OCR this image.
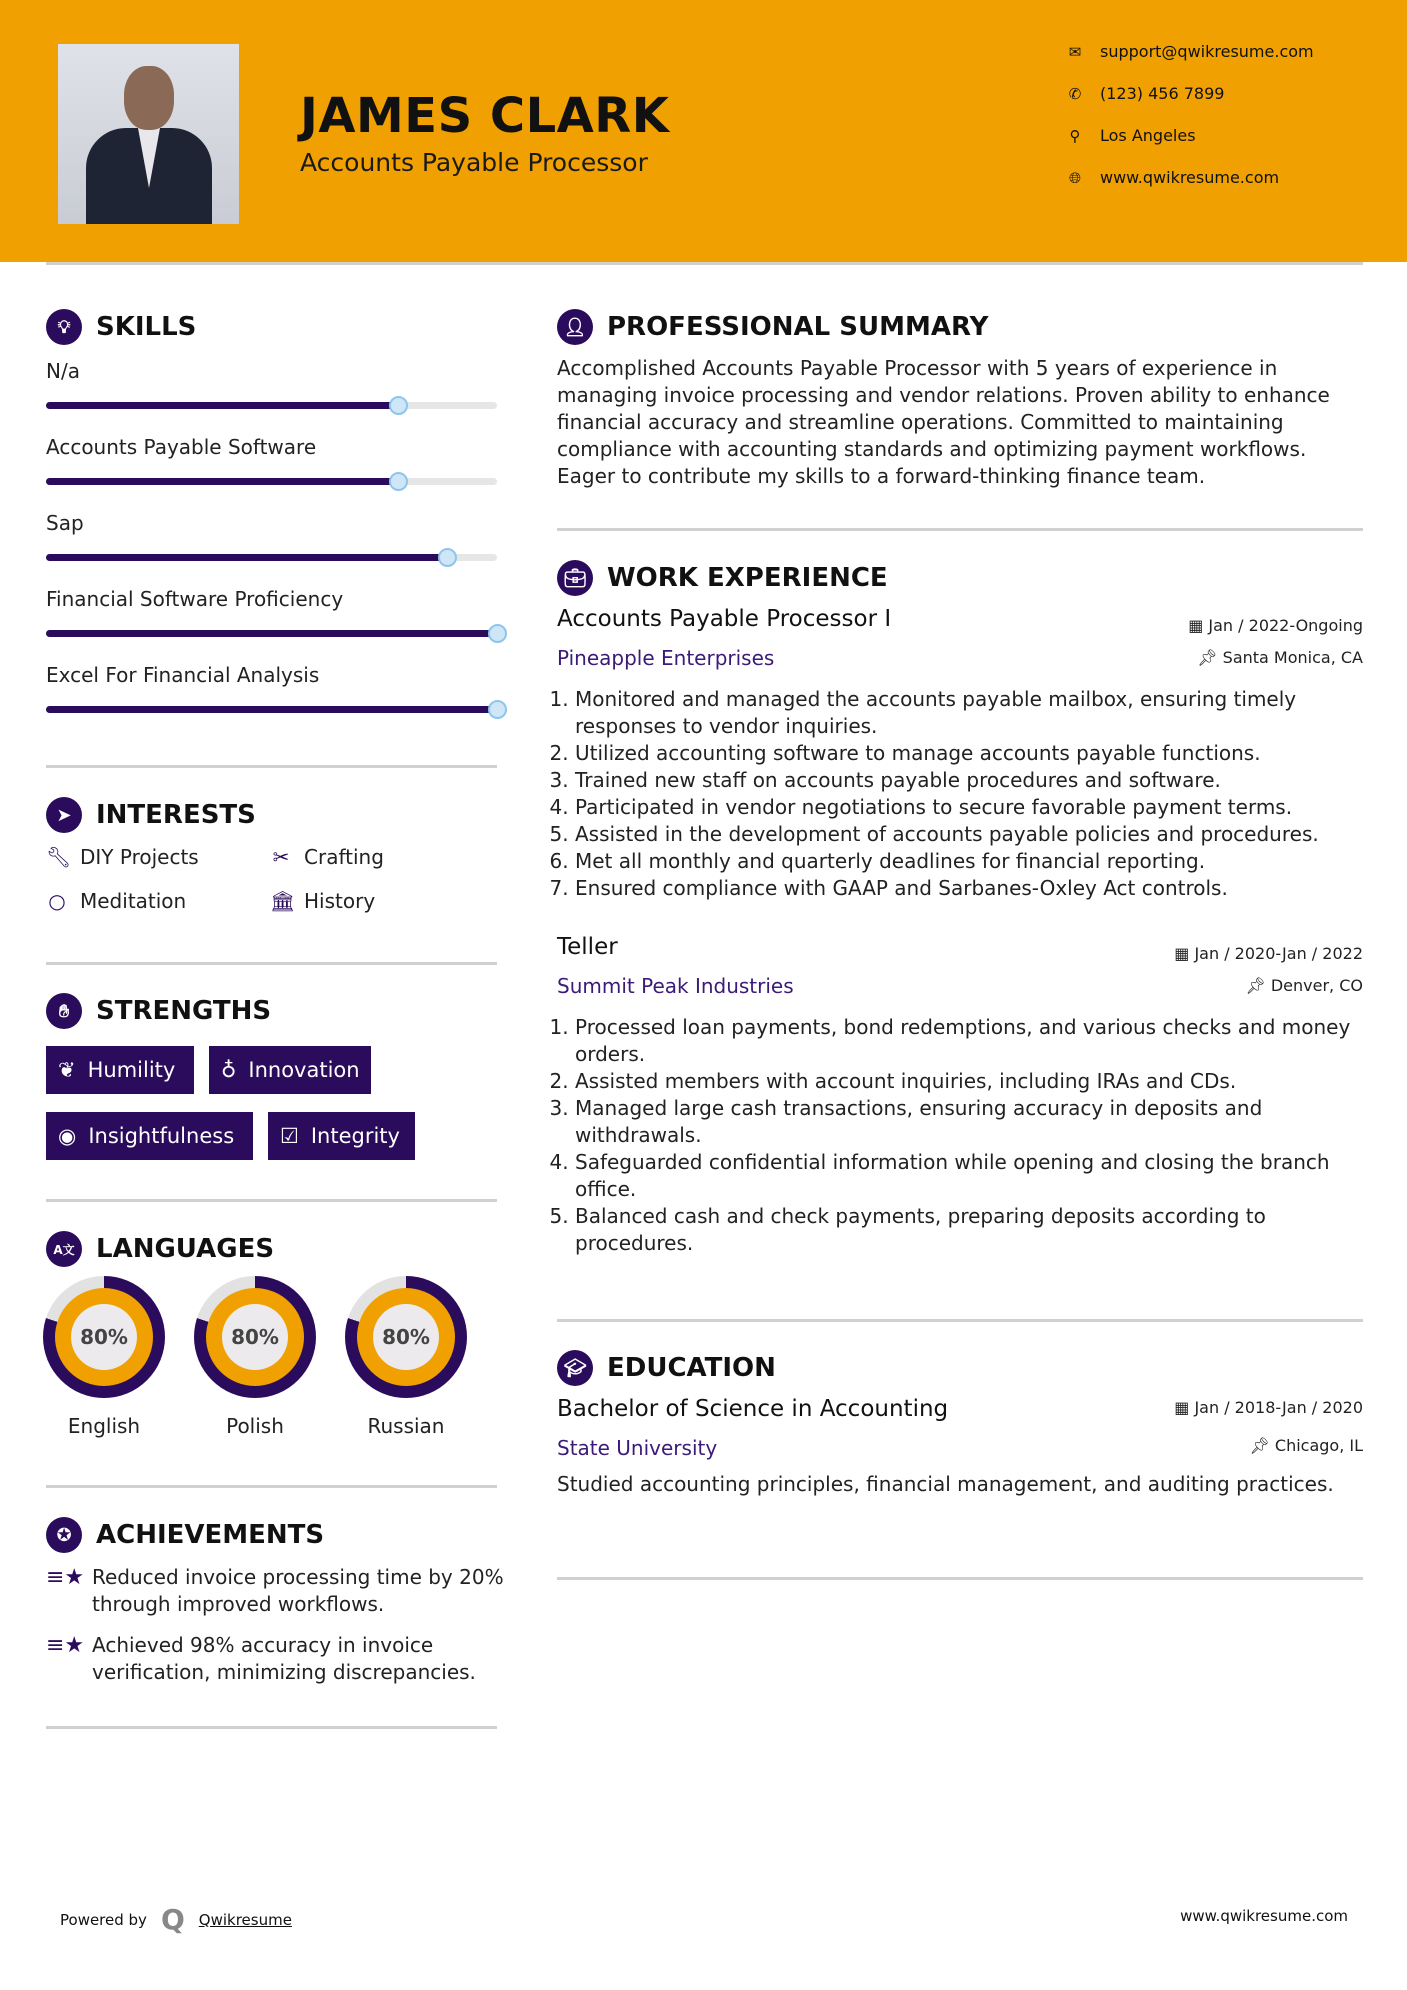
JAMES CLARK
Accounts Payable Processor
✉ support@qwikresume.com
✆ (123) 456 7899
⚲ Los Angeles
🌐︎ www.qwikresume.com
💡︎ SKILLS
N/a
Accounts Payable Software
Sap
Financial Software Proficiency
Excel For Financial Analysis
➤ INTERESTS
🔧︎ DIY Projects	✂ Crafting
○ Meditation	🏛︎ History
✋︎	STRENGTHS
❦ Humility ♁ Innovation
◉ Insightfulness ☑ Integrity
A文 LANGUAGES
80%
English
80%
Polish
80%
Russian
✪ ACHIEVEMENTS
≡★ Reduced invoice processing time by 20% through improved workflows.
≡★ Achieved 98% accuracy in invoice verification, minimizing discrepancies.
👤︎ PROFESSIONAL SUMMARY
Accomplished Accounts Payable Processor with 5 years of experience in managing invoice processing and vendor relations. Proven ability to enhance financial accuracy and streamline operations. Committed to maintaining compliance with accounting standards and optimizing payment workflows. Eager to contribute my skills to a forward-thinking finance team.
💼︎ WORK EXPERIENCE
Accounts Payable Processor I	▦ Jan / 2022-Ongoing
Pineapple Enterprises	📌︎ Santa Monica, CA
1. Monitored and managed the accounts payable mailbox, ensuring timely responses to vendor inquiries.
2. Utilized accounting software to manage accounts payable functions.
3. Trained new staff on accounts payable procedures and software.
4. Participated in vendor negotiations to secure favorable payment terms.
5. Assisted in the development of accounts payable policies and procedures.
6. Met all monthly and quarterly deadlines for financial reporting.
7. Ensured compliance with GAAP and Sarbanes-Oxley Act controls.
Teller	▦ Jan / 2020-Jan / 2022
Summit Peak Industries	📌︎ Denver, CO
1. Processed loan payments, bond redemptions, and various checks and money orders.
2. Assisted members with account inquiries, including IRAs and CDs.
3. Managed large cash transactions, ensuring accuracy in deposits and withdrawals.
4. Safeguarded confidential information while opening and closing the branch office.
5. Balanced cash and check payments, preparing deposits according to procedures.
🎓︎ EDUCATION
Bachelor of Science in Accounting	▦ Jan / 2018-Jan / 2020
State University	📌︎ Chicago, IL
Studied accounting principles, financial management, and auditing practices.
Powered by Q Qwikresume	www.qwikresume.com
